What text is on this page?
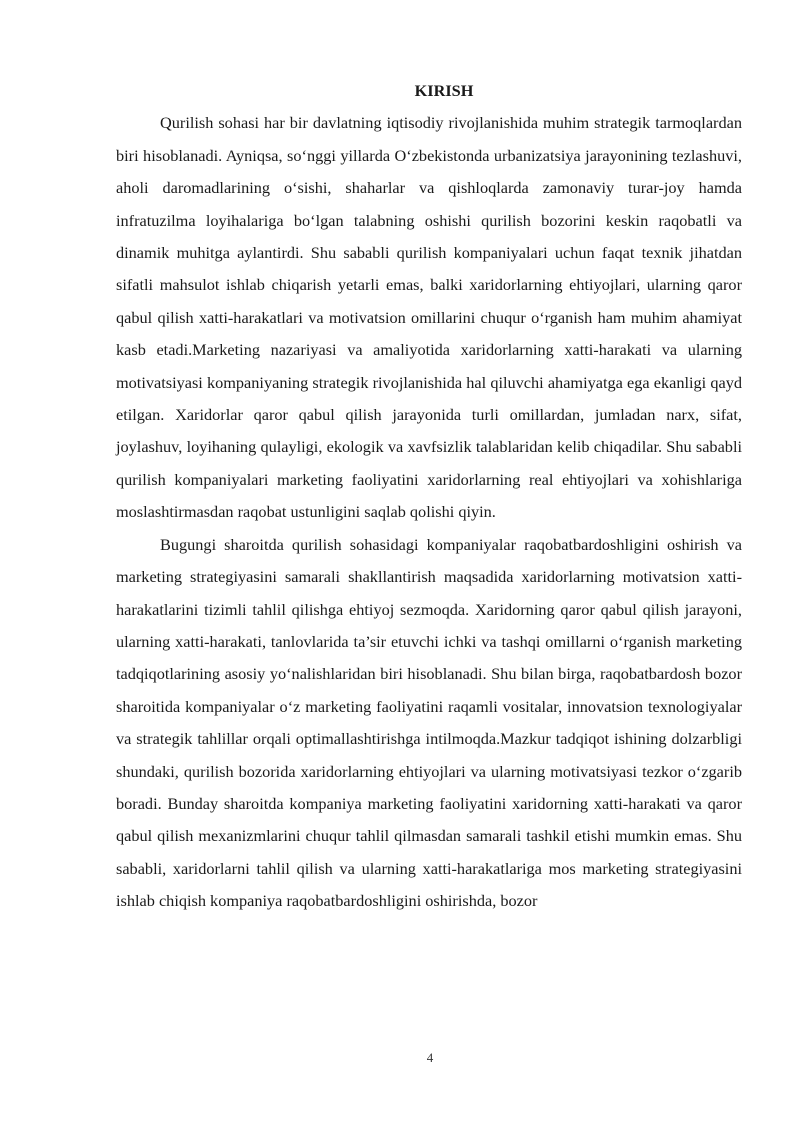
KIRISH

Qurilish sohasi har bir davlatning iqtisodiy rivojlanishida muhim strategik tarmoqlardan biri hisoblanadi. Ayniqsa, so‘nggi yillarda O‘zbekistonda urbanizatsiya jarayonining tezlashuvi, aholi daromadlarining o‘sishi, shaharlar va qishloqlarda zamonaviy turar-joy hamda infratuzilma loyihalariga bo‘lgan talabning oshishi qurilish bozorini keskin raqobatli va dinamik muhitga aylantirdi. Shu sababli qurilish kompaniyalari uchun faqat texnik jihatdan sifatli mahsulot ishlab chiqarish yetarli emas, balki xaridorlarning ehtiyojlari, ularning qaror qabul qilish xatti-harakatlari va motivatsion omillarini chuqur o‘rganish ham muhim ahamiyat kasb etadi.Marketing nazariyasi va amaliyotida xaridorlarning xatti-harakati va ularning motivatsiyasi kompaniyaning strategik rivojlanishida hal qiluvchi ahamiyatga ega ekanligi qayd etilgan. Xaridorlar qaror qabul qilish jarayonida turli omillardan, jumladan narx, sifat, joylashuv, loyihaning qulayligi, ekologik va xavfsizlik talablaridan kelib chiqadilar. Shu sababli qurilish kompaniyalari marketing faoliyatini xaridorlarning real ehtiyojlari va xohishlariga moslashtirmasdan raqobat ustunligini saqlab qolishi qiyin.

Bugungi sharoitda qurilish sohasidagi kompaniyalar raqobatbardoshligini oshirish va marketing strategiyasini samarali shakllantirish maqsadida xaridorlarning motivatsion xatti-harakatlarini tizimli tahlil qilishga ehtiyoj sezmoqda. Xaridorning qaror qabul qilish jarayoni, ularning xatti-harakati, tanlovlarida ta’sir etuvchi ichki va tashqi omillarni o‘rganish marketing tadqiqotlarining asosiy yo‘nalishlaridan biri hisoblanadi. Shu bilan birga, raqobatbardosh bozor sharoitida kompaniyalar o‘z marketing faoliyatini raqamli vositalar, innovatsion texnologiyalar va strategik tahlillar orqali optimallashtirishga intilmoqda.Mazkur tadqiqot ishining dolzarbligi shundaki, qurilish bozorida xaridorlarning ehtiyojlari va ularning motivatsiyasi tezkor o‘zgarib boradi. Bunday sharoitda kompaniya marketing faoliyatini xaridorning xatti-harakati va qaror qabul qilish mexanizmlarini chuqur tahlil qilmasdan samarali tashkil etishi mumkin emas. Shu sababli, xaridorlarni tahlil qilish va ularning xatti-harakatlariga mos marketing strategiyasini ishlab chiqish kompaniya raqobatbardoshligini oshirishda, bozor

4
